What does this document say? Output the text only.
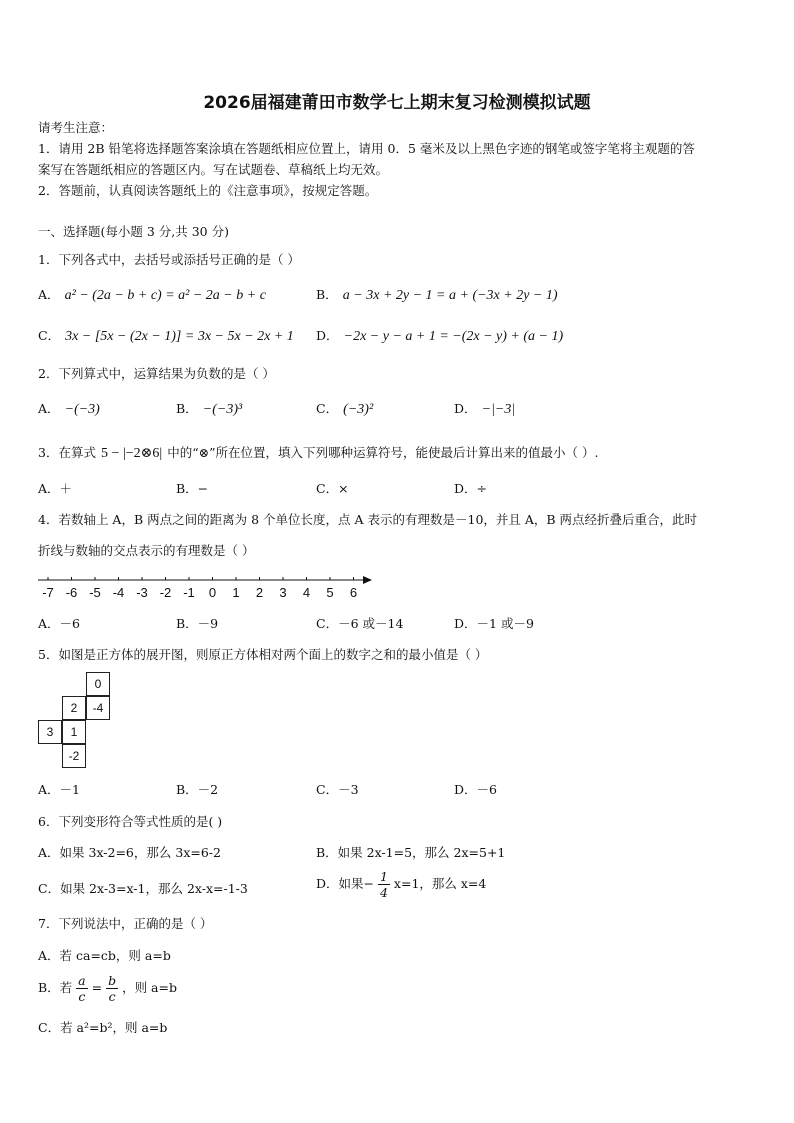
2026届福建莆田市数学七上期末复习检测模拟试题
请考生注意：
1．请用 2B 铅笔将选择题答案涂填在答题纸相应位置上，请用 0．5 毫米及以上黑色字迹的钢笔或签字笔将主观题的答
案写在答题纸相应的答题区内。写在试题卷、草稿纸上均无效。
2．答题前，认真阅读答题纸上的《注意事项》，按规定答题。
一、选择题(每小题 3 分,共 30 分)
1．下列各式中，去括号或添括号正确的是（ ）
A． a² − (2a − b + c) = a² − 2a − b + c	B． a − 3x + 2y − 1 = a + (−3x + 2y − 1)
C． 3x − [5x − (2x − 1)] = 3x − 5x − 2x + 1 D． −2x − y − a + 1 = −(2x − y) + (a − 1)
2．下列算式中，运算结果为负数的是（ ）
A． −(−3)	B． −(−3)³	C． (−3)²	D． −|−3|
3．在算式 5 − |−2⊗6| 中的“⊗”所在位置，填入下列哪种运算符号，能使最后计算出来的值最小（ ）.
A．＋	B．−	C．×	D．÷
4．若数轴上 A，B 两点之间的距离为 8 个单位长度，点 A 表示的有理数是－10，并且 A，B 两点经折叠后重合，此时
折线与数轴的交点表示的有理数是（ ）
-7 -6 -5 -4 -3 -2 -1 0 1 2 3 4 5 6
A．－6	B．－9	C．－6 或－14	D．－1 或－9
5．如图是正方体的展开图，则原正方体相对两个面上的数字之和的最小值是（ ）
0
2	-4
3	1
-2
A．－1	B．－2	C．－3	D．－6
6．下列变形符合等式性质的是( )
A．如果 3x-2=6，那么 3x=6-2	B．如果 2x-1=5，那么 2x=5+1
C．如果 2x-3=x-1，那么 2x-x=-1-3	D．如果− $\frac{1}{4} x=1$，那么 x=4
7．下列说法中，正确的是（ ）
A．若 ca=cb，则 a=b
B．若 $\frac{a}{c} = \frac{b}{c}$ ，则 a=b
C．若 a²=b²，则 a=b
